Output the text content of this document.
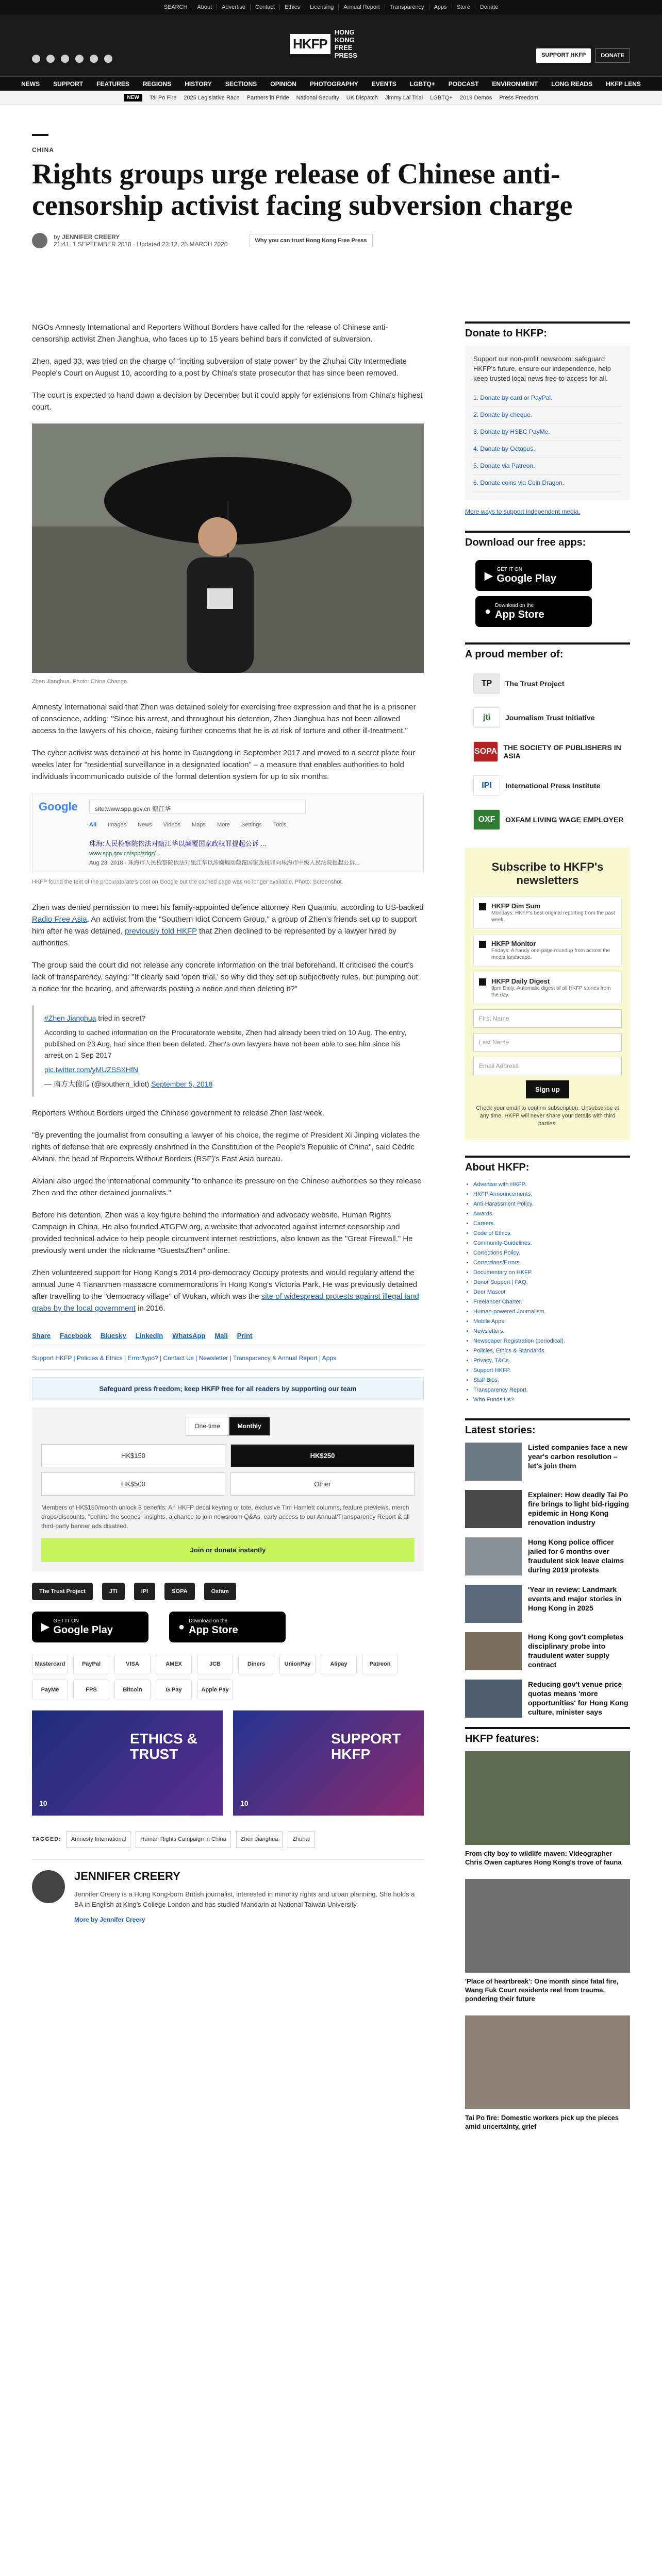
SEARCH	About	Advertise	Contact	Ethics	Licensing	Annual Report	Transparency	Apps	Store	Donate
HKFP
HONG KONG
FREE PRESS	SUPPORT HKFP	DONATE
NEWS SUPPORT FEATURES REGIONS HISTORY SECTIONS OPINION PHOTOGRAPHY EVENTS LGBTQ+ PODCAST ENVIRONMENT LONG READS HKFP LENS
NEW	Tai Po Fire 2025 Legislative Race Partners in Pride National Security UK Dispatch Jimmy Lai Trial LGBTQ+ 2019 Demos Press Freedom
CHINA
Rights groups urge release of Chinese anti-censorship activist facing subversion charge
by JENNIFER CREERY
21:41, 1 SEPTEMBER 2018 · Updated 22:12, 25 MARCH 2020	Why you can trust Hong Kong Free Press

NGOs Amnesty International and Reporters Without Borders have called for the release of Chinese anti-censorship activist Zhen Jianghua, who faces up to 15 years behind bars if convicted of subversion.

Zhen, aged 33, was tried on the charge of "inciting subversion of state power" by the Zhuhai City Intermediate People's Court on August 10, according to a post by China's state prosecutor that has since been removed.

The court is expected to hand down a decision by December but it could apply for extensions from China's highest court.

Zhen Jianghua. Photo: China Change.

Amnesty International said that Zhen was detained solely for exercising free expression and that he is a prisoner of conscience, adding: "Since his arrest, and throughout his detention, Zhen Jianghua has not been allowed access to the lawyers of his choice, raising further concerns that he is at risk of torture and other ill-treatment."

The cyber activist was detained at his home in Guangdong in September 2017 and moved to a secret place four weeks later for "residential surveillance in a designated location" – a measure that enables authorities to hold individuals incommunicado outside of the formal detention system for up to six months.

Google	site:www.spp.gov.cn 甄江华
All Images News Videos Maps More Settings Tools
珠海:人民检察院依法对甄江华以颠覆国家政权罪提起公诉 ...
www.spp.gov.cn/spp/zdgz/...
Aug 23, 2018 - 珠海市人民检察院依法对甄江华以涉嫌煽动颠覆国家政权罪向珠海市中级人民法院提起公诉...
HKFP found the text of the procuratorate's post on Google but the cached page was no longer available. Photo: Screenshot.

Zhen was denied permission to meet his family-appointed defence attorney Ren Quanniu, according to US-backed Radio Free Asia. An activist from the "Southern Idiot Concern Group," a group of Zhen's friends set up to support him after he was detained, previously told HKFP that Zhen declined to be represented by a lawyer hired by authorities.

The group said the court did not release any concrete information on the trial beforehand. It criticised the court's lack of transparency, saying: "It clearly said 'open trial,' so why did they set up subjectively rules, but pumping out a notice for the hearing, and afterwards posting a notice and then deleting it?"

#Zhen Jianghua tried in secret?

According to cached information on the Procuratorate website, Zhen had already been tried on 10 Aug. The entry, published on 23 Aug, had since then been deleted. Zhen's own lawyers have not been able to see him since his arrest on 1 Sep 2017

pic.twitter.com/yMUZSSXHfN

— 南方大傻瓜 (@southern_idiot) September 5, 2018

Reporters Without Borders urged the Chinese government to release Zhen last week.

"By preventing the journalist from consulting a lawyer of his choice, the regime of President Xi Jinping violates the rights of defense that are expressly enshrined in the Constitution of the People's Republic of China", said Cédric Alviani, the head of Reporters Without Borders (RSF)'s East Asia bureau.

Alviani also urged the international community "to enhance its pressure on the Chinese authorities so they release Zhen and the other detained journalists."

Before his detention, Zhen was a key figure behind the information and advocacy website, Human Rights Campaign in China. He also founded ATGFW.org, a website that advocated against internet censorship and provided technical advice to help people circumvent internet restrictions, also known as the "Great Firewall." He previously went under the nickname "GuestsZhen" online.

Zhen volunteered support for Hong Kong's 2014 pro-democracy Occupy protests and would regularly attend the annual June 4 Tiananmen massacre commemorations in Hong Kong's Victoria Park. He was previously detained after travelling to the "democracy village" of Wukan, which was the site of widespread protests against illegal land grabs by the local government in 2016.

Share Facebook Bluesky LinkedIn WhatsApp Mail Print
Support HKFP | Policies & Ethics | Error/typo? | Contact Us | Newsletter | Transparency & Annual Report | Apps
Safeguard press freedom; keep HKFP free for all readers by supporting our team
One-time	Monthly
HK$150	HK$250
HK$500	Other
Members of HK$150/month unlock 8 benefits: An HKFP decal keyring or tote, exclusive Tim Hamlett columns, feature previews, merch drops/discounts, "behind the scenes" insights, a chance to join newsroom Q&As, early access to our Annual/Transparency Report & all third-party banner ads disabled.
Join or donate instantly
The Trust Project	JTI	IPI	SOPA	Oxfam
▶
GET IT ON
Google Play	●
Download on the
App Store
Mastercard	PayPal	VISA	AMEX	JCB	Diners	UnionPay	Alipay	Patreon
PayMe	FPS	Bitcoin	G Pay	Apple Pay
ETHICS & TRUST
10
SUPPORT HKFP
10
TAGGED:	Amnesty International	Human Rights Campaign in China	Zhen Jianghua	Zhuhai
JENNIFER CREERY
Jennifer Creery is a Hong Kong-born British journalist, interested in minority rights and urban planning. She holds a BA in English at King's College London and has studied Mandarin at National Taiwan University.
More by Jennifer Creery
Donate to HKFP:

Support our non-profit newsroom: safeguard HKFP's future, ensure our independence, help keep trusted local news free-to-access for all.

1. Donate by card or PayPal.
2. Donate by cheque.
3. Donate by HSBC PayMe.
4. Donate by Octopus.
5. Donate via Patreon.
6. Donate coins via Coin Dragon.
More ways to support independent media.
Download our free apps:
▶
GET IT ON
Google Play
●
Download on the
App Store
A proud member of:
TP	The Trust Project
jti	Journalism Trust Initiative
SOPA THE SOCIETY OF PUBLISHERS IN ASIA
IPI	International Press Institute
OXF	OXFAM LIVING WAGE EMPLOYER
Subscribe to HKFP's newsletters
HKFP Dim Sum
Mondays: HKFP's best original reporting from the past week.
HKFP Monitor
Fridays: A handy one-page roundup from across the media landscape.
HKFP Daily Digest
9pm Daily: Automatic digest of all HKFP stories from the day.
First Name
Last Name
Email Address
Sign up
Check your email to confirm subscription. Unsubscribe at any time. HKFP will never share your details with third parties.
About HKFP:
• Advertise with HKFP.
• HKFP Announcements.
• Anti-Harassment Policy.
• Awards.
• Careers.
• Code of Ethics.
• Community Guidelines.
• Corrections Policy.
• Corrections/Errors.
• Documentary on HKFP.
• Donor Support | FAQ.
• Deer Mascot.
• Freelancer Charter.
• Human-powered Journalism.
• Mobile Apps.
• Newsletters.
• Newspaper Registration (periodical).
• Policies, Ethics & Standards.
• Privacy, T&Cs.
• Support HKFP.
• Staff Bios.
• Transparency Report.
• Who Funds Us?
Latest stories:
Listed companies face a new year's carbon resolution – let's join them
Explainer: How deadly Tai Po fire brings to light bid-rigging epidemic in Hong Kong renovation industry
Hong Kong police officer jailed for 6 months over fraudulent sick leave claims during 2019 protests
'Year in review: Landmark events and major stories in Hong Kong in 2025
Hong Kong gov't completes disciplinary probe into fraudulent water supply contract
Reducing gov't venue price quotas means 'more opportunities' for Hong Kong culture, minister says
HKFP features:
From city boy to wildlife maven: Videographer Chris Owen captures Hong Kong's trove of fauna
'Place of heartbreak': One month since fatal fire, Wang Fuk Court residents reel from trauma, pondering their future
Tai Po fire: Domestic workers pick up the pieces amid uncertainty, grief
